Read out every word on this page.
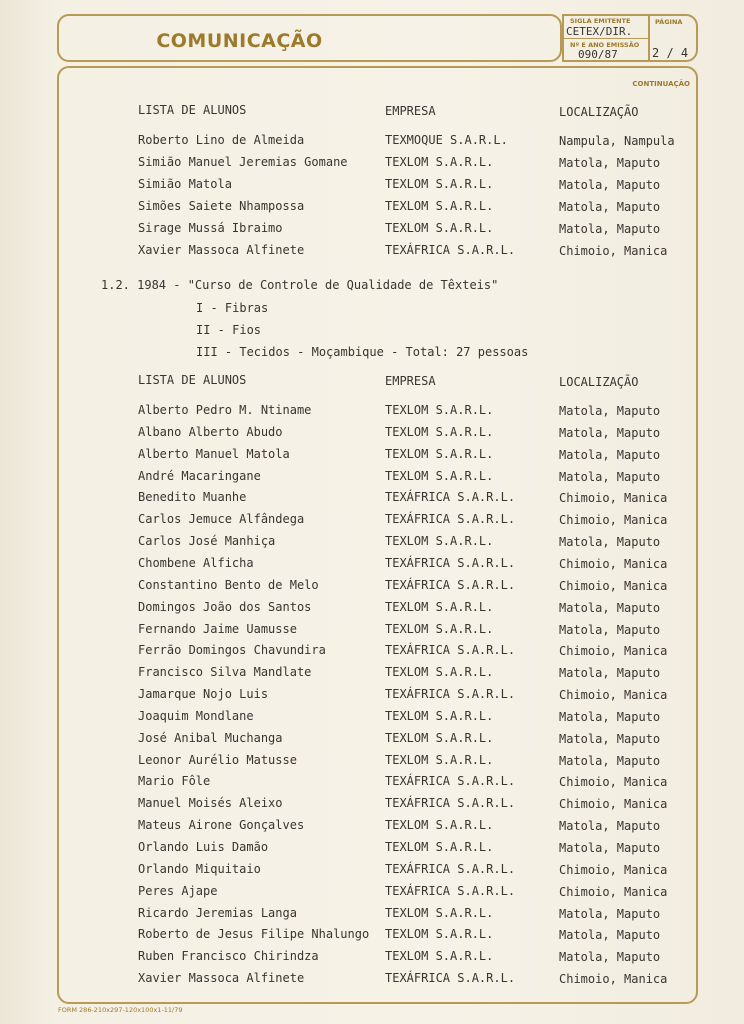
COMUNICAÇÃO
SIGLA EMITENTE
CETEX/DIR.
Nº E ANO EMISSÃO
090/87
PÁGINA
2 / 4
CONTINUAÇÃO
LISTA DE ALUNOS	EMPRESA	LOCALIZAÇÃO
Roberto Lino de Almeida	TEXMOQUE S.A.R.L.	Nampula, Nampula
Simião Manuel Jeremias Gomane	TEXLOM S.A.R.L.	Matola, Maputo
Simião Matola	TEXLOM S.A.R.L.	Matola, Maputo
Simões Saiete Nhampossa	TEXLOM S.A.R.L.	Matola, Maputo
Sirage Mussá Ibraimo	TEXLOM S.A.R.L.	Matola, Maputo
Xavier Massoca Alfinete	TEXÁFRICA S.A.R.L.	Chimoio, Manica
1.2. 1984 - "Curso de Controle de Qualidade de Têxteis"
I - Fibras
II - Fios
III - Tecidos - Moçambique - Total: 27 pessoas
LISTA DE ALUNOS	EMPRESA	LOCALIZAÇÃO
Alberto Pedro M. Ntiname	TEXLOM S.A.R.L.	Matola, Maputo
Albano Alberto Abudo	TEXLOM S.A.R.L.	Matola, Maputo
Alberto Manuel Matola	TEXLOM S.A.R.L.	Matola, Maputo
André Macaringane	TEXLOM S.A.R.L.	Matola, Maputo
Benedito Muanhe	TEXÁFRICA S.A.R.L.	Chimoio, Manica
Carlos Jemuce Alfândega	TEXÁFRICA S.A.R.L.	Chimoio, Manica
Carlos José Manhiça	TEXLOM S.A.R.L.	Matola, Maputo
Chombene Alficha	TEXÁFRICA S.A.R.L.	Chimoio, Manica
Constantino Bento de Melo	TEXÁFRICA S.A.R.L.	Chimoio, Manica
Domingos João dos Santos	TEXLOM S.A.R.L.	Matola, Maputo
Fernando Jaime Uamusse	TEXLOM S.A.R.L.	Matola, Maputo
Ferrão Domingos Chavundira	TEXÁFRICA S.A.R.L.	Chimoio, Manica
Francisco Silva Mandlate	TEXLOM S.A.R.L.	Matola, Maputo
Jamarque Nojo Luis	TEXÁFRICA S.A.R.L.	Chimoio, Manica
Joaquim Mondlane	TEXLOM S.A.R.L.	Matola, Maputo
José Anibal Muchanga	TEXLOM S.A.R.L.	Matola, Maputo
Leonor Aurélio Matusse	TEXLOM S.A.R.L.	Matola, Maputo
Mario Fôle	TEXÁFRICA S.A.R.L.	Chimoio, Manica
Manuel Moisés Aleixo	TEXÁFRICA S.A.R.L.	Chimoio, Manica
Mateus Airone Gonçalves	TEXLOM S.A.R.L.	Matola, Maputo
Orlando Luis Damão	TEXLOM S.A.R.L.	Matola, Maputo
Orlando Miquitaio	TEXÁFRICA S.A.R.L.	Chimoio, Manica
Peres Ajape	TEXÁFRICA S.A.R.L.	Chimoio, Manica
Ricardo Jeremias Langa	TEXLOM S.A.R.L.	Matola, Maputo
Roberto de Jesus Filipe Nhalungo TEXLOM S.A.R.L.	Matola, Maputo
Ruben Francisco Chirindza	TEXLOM S.A.R.L.	Matola, Maputo
Xavier Massoca Alfinete	TEXÁFRICA S.A.R.L.	Chimoio, Manica
FORM 286-210x297-120x100x1-11/79
